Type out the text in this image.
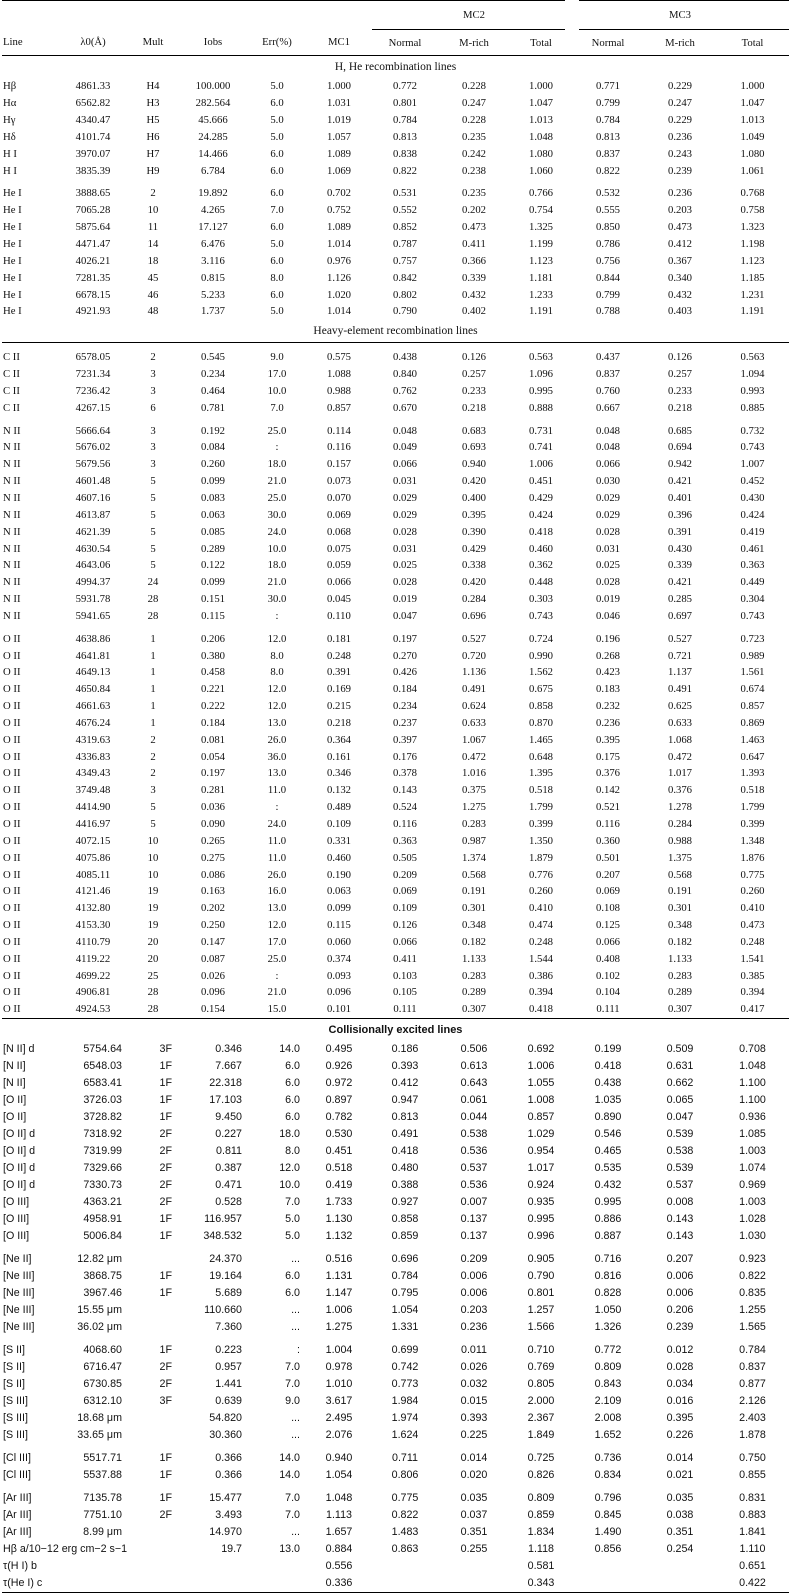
							MC2			MC3	
Line	λ0(Å)	Mult	Iobs	Err(%)	MC1	Normal	M-rich	Total	Normal	M-rich	Total
H, He recombination lines											
Hβ	4861.33	H4	100.000	5.0	1.000	0.772	0.228	1.000	0.771	0.229	1.000
Hα	6562.82	H3	282.564	6.0	1.031	0.801	0.247	1.047	0.799	0.247	1.047
Hγ	4340.47	H5	45.666	5.0	1.019	0.784	0.228	1.013	0.784	0.229	1.013
Hδ	4101.74	H6	24.285	5.0	1.057	0.813	0.235	1.048	0.813	0.236	1.049
H I	3970.07	H7	14.466	6.0	1.089	0.838	0.242	1.080	0.837	0.243	1.080
H I	3835.39	H9	6.784	6.0	1.069	0.822	0.238	1.060	0.822	0.239	1.061
He I	3888.65	2	19.892	6.0	0.702	0.531	0.235	0.766	0.532	0.236	0.768
He I	7065.28	10	4.265	7.0	0.752	0.552	0.202	0.754	0.555	0.203	0.758
He I	5875.64	11	17.127	6.0	1.089	0.852	0.473	1.325	0.850	0.473	1.323
He I	4471.47	14	6.476	5.0	1.014	0.787	0.411	1.199	0.786	0.412	1.198
He I	4026.21	18	3.116	6.0	0.976	0.757	0.366	1.123	0.756	0.367	1.123
He I	7281.35	45	0.815	8.0	1.126	0.842	0.339	1.181	0.844	0.340	1.185
He I	6678.15	46	5.233	6.0	1.020	0.802	0.432	1.233	0.799	0.432	1.231
He I	4921.93	48	1.737	5.0	1.014	0.790	0.402	1.191	0.788	0.403	1.191
Heavy-element recombination lines											
C II	6578.05	2	0.545	9.0	0.575	0.438	0.126	0.563	0.437	0.126	0.563
C II	7231.34	3	0.234	17.0	1.088	0.840	0.257	1.096	0.837	0.257	1.094
C II	7236.42	3	0.464	10.0	0.988	0.762	0.233	0.995	0.760	0.233	0.993
C II	4267.15	6	0.781	7.0	0.857	0.670	0.218	0.888	0.667	0.218	0.885
N II	5666.64	3	0.192	25.0	0.114	0.048	0.683	0.731	0.048	0.685	0.732
N II	5676.02	3	0.084	:	0.116	0.049	0.693	0.741	0.048	0.694	0.743
N II	5679.56	3	0.260	18.0	0.157	0.066	0.940	1.006	0.066	0.942	1.007
N II	4601.48	5	0.099	21.0	0.073	0.031	0.420	0.451	0.030	0.421	0.452
N II	4607.16	5	0.083	25.0	0.070	0.029	0.400	0.429	0.029	0.401	0.430
N II	4613.87	5	0.063	30.0	0.069	0.029	0.395	0.424	0.029	0.396	0.424
N II	4621.39	5	0.085	24.0	0.068	0.028	0.390	0.418	0.028	0.391	0.419
N II	4630.54	5	0.289	10.0	0.075	0.031	0.429	0.460	0.031	0.430	0.461
N II	4643.06	5	0.122	18.0	0.059	0.025	0.338	0.362	0.025	0.339	0.363
N II	4994.37	24	0.099	21.0	0.066	0.028	0.420	0.448	0.028	0.421	0.449
N II	5931.78	28	0.151	30.0	0.045	0.019	0.284	0.303	0.019	0.285	0.304
N II	5941.65	28	0.115	:	0.110	0.047	0.696	0.743	0.046	0.697	0.743
O II	4638.86	1	0.206	12.0	0.181	0.197	0.527	0.724	0.196	0.527	0.723
O II	4641.81	1	0.380	8.0	0.248	0.270	0.720	0.990	0.268	0.721	0.989
O II	4649.13	1	0.458	8.0	0.391	0.426	1.136	1.562	0.423	1.137	1.561
O II	4650.84	1	0.221	12.0	0.169	0.184	0.491	0.675	0.183	0.491	0.674
O II	4661.63	1	0.222	12.0	0.215	0.234	0.624	0.858	0.232	0.625	0.857
O II	4676.24	1	0.184	13.0	0.218	0.237	0.633	0.870	0.236	0.633	0.869
O II	4319.63	2	0.081	26.0	0.364	0.397	1.067	1.465	0.395	1.068	1.463
O II	4336.83	2	0.054	36.0	0.161	0.176	0.472	0.648	0.175	0.472	0.647
O II	4349.43	2	0.197	13.0	0.346	0.378	1.016	1.395	0.376	1.017	1.393
O II	3749.48	3	0.281	11.0	0.132	0.143	0.375	0.518	0.142	0.376	0.518
O II	4414.90	5	0.036	:	0.489	0.524	1.275	1.799	0.521	1.278	1.799
O II	4416.97	5	0.090	24.0	0.109	0.116	0.283	0.399	0.116	0.284	0.399
O II	4072.15	10	0.265	11.0	0.331	0.363	0.987	1.350	0.360	0.988	1.348
O II	4075.86	10	0.275	11.0	0.460	0.505	1.374	1.879	0.501	1.375	1.876
O II	4085.11	10	0.086	26.0	0.190	0.209	0.568	0.776	0.207	0.568	0.775
O II	4121.46	19	0.163	16.0	0.063	0.069	0.191	0.260	0.069	0.191	0.260
O II	4132.80	19	0.202	13.0	0.099	0.109	0.301	0.410	0.108	0.301	0.410
O II	4153.30	19	0.250	12.0	0.115	0.126	0.348	0.474	0.125	0.348	0.473
O II	4110.79	20	0.147	17.0	0.060	0.066	0.182	0.248	0.066	0.182	0.248
O II	4119.22	20	0.087	25.0	0.374	0.411	1.133	1.544	0.408	1.133	1.541
O II	4699.22	25	0.026	:	0.093	0.103	0.283	0.386	0.102	0.283	0.385
O II	4906.81	28	0.096	21.0	0.096	0.105	0.289	0.394	0.104	0.289	0.394
O II	4924.53	28	0.154	15.0	0.101	0.111	0.307	0.418	0.111	0.307	0.417
Collisionally excited lines											
[N II] d	5754.64	3F	0.346	14.0	0.495	0.186	0.506	0.692	0.199	0.509	0.708
[N II]	6548.03	1F	7.667	6.0	0.926	0.393	0.613	1.006	0.418	0.631	1.048
[N II]	6583.41	1F	22.318	6.0	0.972	0.412	0.643	1.055	0.438	0.662	1.100
[O II]	3726.03	1F	17.103	6.0	0.897	0.947	0.061	1.008	1.035	0.065	1.100
[O II]	3728.82	1F	9.450	6.0	0.782	0.813	0.044	0.857	0.890	0.047	0.936
[O II] d	7318.92	2F	0.227	18.0	0.530	0.491	0.538	1.029	0.546	0.539	1.085
[O II] d	7319.99	2F	0.811	8.0	0.451	0.418	0.536	0.954	0.465	0.538	1.003
[O II] d	7329.66	2F	0.387	12.0	0.518	0.480	0.537	1.017	0.535	0.539	1.074
[O II] d	7330.73	2F	0.471	10.0	0.419	0.388	0.536	0.924	0.432	0.537	0.969
[O III]	4363.21	2F	0.528	7.0	1.733	0.927	0.007	0.935	0.995	0.008	1.003
[O III]	4958.91	1F	116.957	5.0	1.130	0.858	0.137	0.995	0.886	0.143	1.028
[O III]	5006.84	1F	348.532	5.0	1.132	0.859	0.137	0.996	0.887	0.143	1.030
[Ne II]	12.82 μm		24.370	...	0.516	0.696	0.209	0.905	0.716	0.207	0.923
[Ne III]	3868.75	1F	19.164	6.0	1.131	0.784	0.006	0.790	0.816	0.006	0.822
[Ne III]	3967.46	1F	5.689	6.0	1.147	0.795	0.006	0.801	0.828	0.006	0.835
[Ne III]	15.55 μm		110.660	...	1.006	1.054	0.203	1.257	1.050	0.206	1.255
[Ne III]	36.02 μm		7.360	...	1.275	1.331	0.236	1.566	1.326	0.239	1.565
[S II]	4068.60	1F	0.223	:	1.004	0.699	0.011	0.710	0.772	0.012	0.784
[S II]	6716.47	2F	0.957	7.0	0.978	0.742	0.026	0.769	0.809	0.028	0.837
[S II]	6730.85	2F	1.441	7.0	1.010	0.773	0.032	0.805	0.843	0.034	0.877
[S III]	6312.10	3F	0.639	9.0	3.617	1.984	0.015	2.000	2.109	0.016	2.126
[S III]	18.68 μm		54.820	...	2.495	1.974	0.393	2.367	2.008	0.395	2.403
[S III]	33.65 μm		30.360	...	2.076	1.624	0.225	1.849	1.652	0.226	1.878
[Cl III]	5517.71	1F	0.366	14.0	0.940	0.711	0.014	0.725	0.736	0.014	0.750
[Cl III]	5537.88	1F	0.366	14.0	1.054	0.806	0.020	0.826	0.834	0.021	0.855
[Ar III]	7135.78	1F	15.477	7.0	1.048	0.775	0.035	0.809	0.796	0.035	0.831
[Ar III]	7751.10	2F	3.493	7.0	1.113	0.822	0.037	0.859	0.845	0.038	0.883
[Ar III]	8.99 μm		14.970	...	1.657	1.483	0.351	1.834	1.490	0.351	1.841
Hβ a/10−12 erg cm−2 s−1			19.7	13.0	0.884	0.863	0.255	1.118	0.856	0.254	1.110
τ(H I) b					0.556			0.581			0.651
τ(He I) c					0.336			0.343			0.422
